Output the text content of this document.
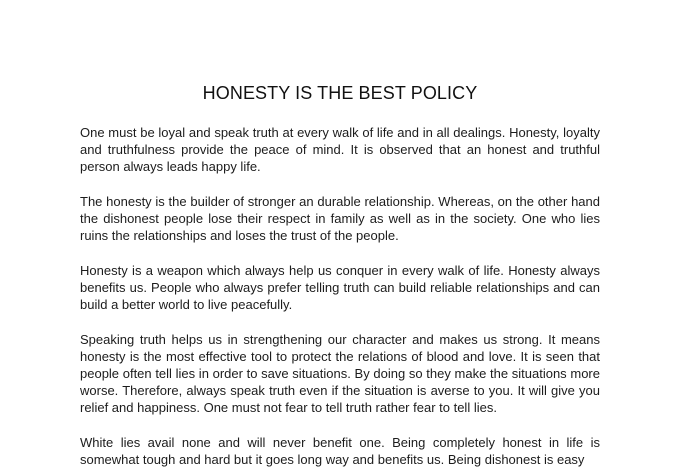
HONESTY IS THE BEST POLICY

One must be loyal and speak truth at every walk of life and in all dealings. Honesty, loyalty and truthfulness provide the peace of mind. It is observed that an honest and truthful person always leads happy life.

The honesty is the builder of stronger an durable relationship. Whereas, on the other hand the dishonest people lose their respect in family as well as in the society. One who lies ruins the relationships and loses the trust of the people.

Honesty is a weapon which always help us conquer in every walk of life. Honesty always benefits us. People who always prefer telling truth can build reliable relationships and can build a better world to live peacefully.

Speaking truth helps us in strengthening our character and makes us strong. It means honesty is the most effective tool to protect the relations of blood and love. It is seen that people often tell lies in order to save situations. By doing so they make the situations more worse. Therefore, always speak truth even if the situation is averse to you. It will give you relief and happiness. One must not fear to tell truth rather fear to tell lies.

White lies avail none and will never benefit one. Being completely honest in life is somewhat tough and hard but it goes long way and benefits us. Being dishonest is easy
